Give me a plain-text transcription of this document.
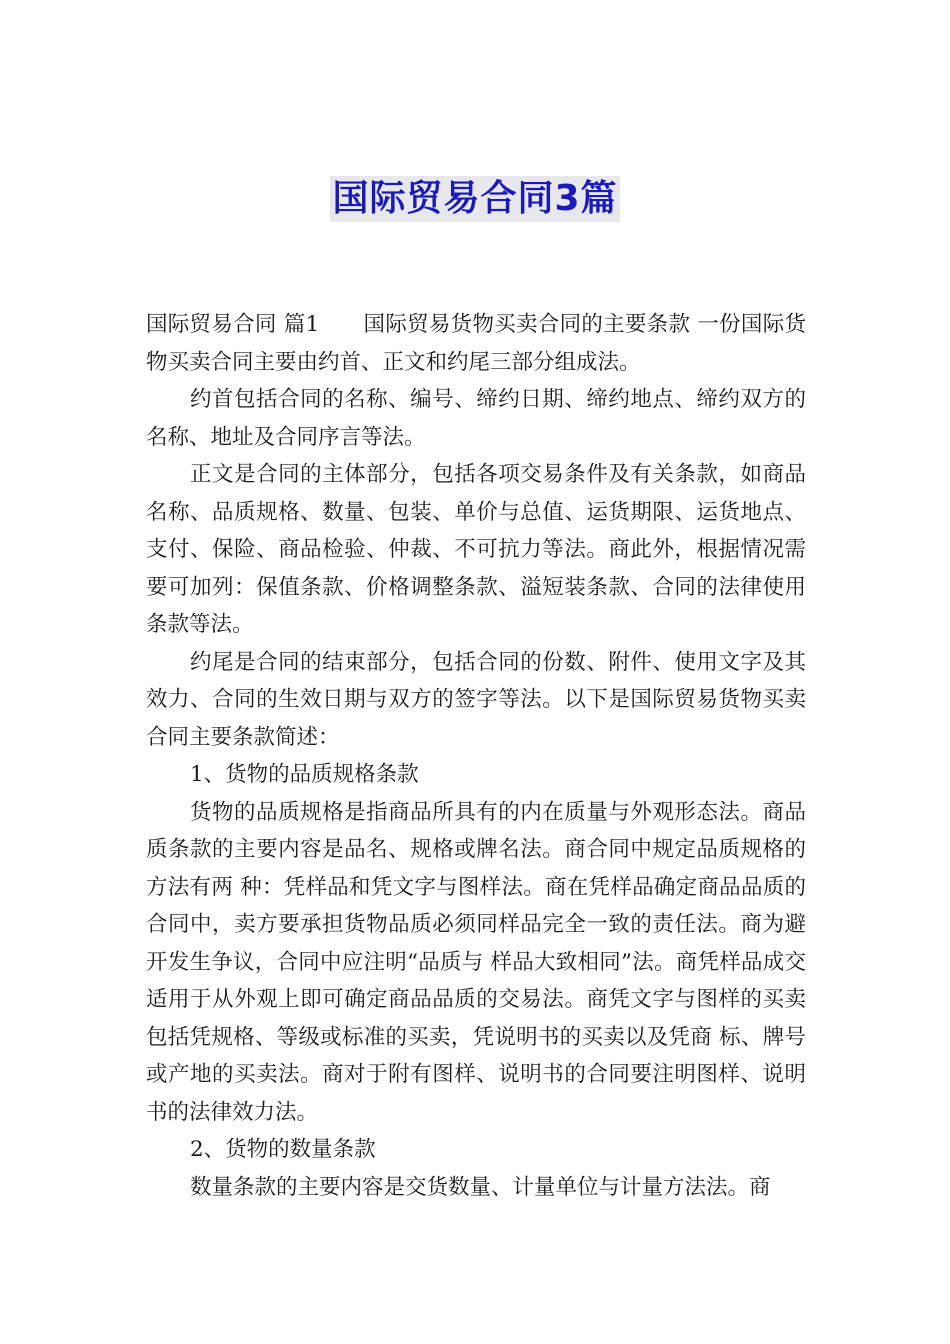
国际贸易合同3篇

国际贸易合同 篇1 国际贸易货物买卖合同的主要条款 一份国际货物买卖合同主要由约首、正文和约尾三部分组成法。

约首包括合同的名称、编号、缔约日期、缔约地点、缔约双方的名称、地址及合同序言等法。

正文是合同的主体部分，包括各项交易条件及有关条款，如商品名称、品质规格、数量、包装、单价与总值、运货期限、运货地点、支付、保险、商品检验、仲裁、不可抗力等法。商此外，根据情况需要可加列：保值条款、价格调整条款、溢短装条款、合同的法律使用条款等法。

约尾是合同的结束部分，包括合同的份数、附件、使用文字及其效力、合同的生效日期与双方的签字等法。以下是国际贸易货物买卖合同主要条款简述：

1、货物的品质规格条款

货物的品质规格是指商品所具有的内在质量与外观形态法。商品质条款的主要内容是品名、规格或牌名法。商合同中规定品质规格的方法有两 种：凭样品和凭文字与图样法。商在凭样品确定商品品质的合同中，卖方要承担货物品质必须同样品完全一致的责任法。商为避开发生争议，合同中应注明“品质与 样品大致相同”法。商凭样品成交适用于从外观上即可确定商品品质的交易法。商凭文字与图样的买卖包括凭规格、等级或标准的买卖，凭说明书的买卖以及凭商 标、牌号或产地的买卖法。商对于附有图样、说明书的合同要注明图样、说明书的法律效力法。

2、货物的数量条款

数量条款的主要内容是交货数量、计量单位与计量方法法。商
